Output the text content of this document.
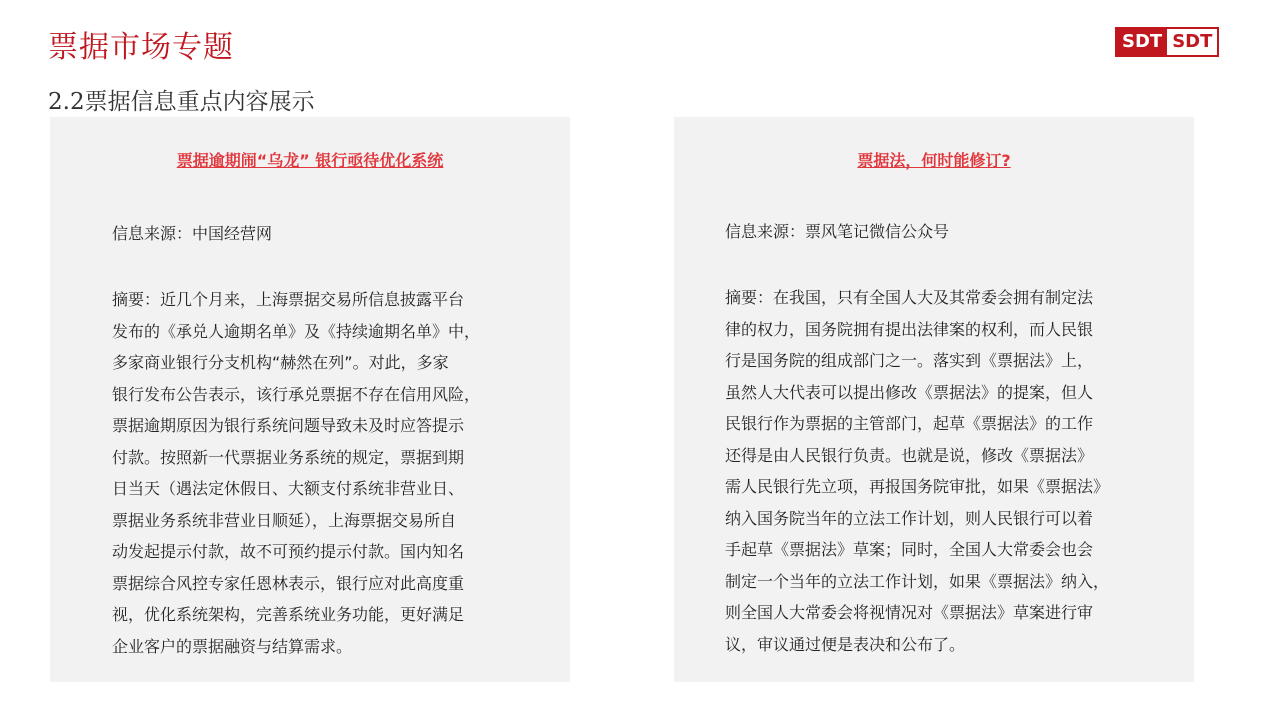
票据市场专题
2.2票据信息重点内容展示
SDT SDT
票据逾期闹“乌龙” 银行亟待优化系统
信息来源：中国经营网
摘要：近几个月来，上海票据交易所信息披露平台
发布的《承兑人逾期名单》及《持续逾期名单》中，
多家商业银行分支机构“赫然在列”。对此，多家
银行发布公告表示，该行承兑票据不存在信用风险，
票据逾期原因为银行系统问题导致未及时应答提示
付款。按照新一代票据业务系统的规定，票据到期
日当天（遇法定休假日、大额支付系统非营业日、
票据业务系统非营业日顺延），上海票据交易所自
动发起提示付款，故不可预约提示付款。国内知名
票据综合风控专家任恩林表示，银行应对此高度重
视，优化系统架构，完善系统业务功能，更好满足
企业客户的票据融资与结算需求。
票据法，何时能修订?
信息来源：票风笔记微信公众号
摘要：在我国，只有全国人大及其常委会拥有制定法
律的权力，国务院拥有提出法律案的权利，而人民银
行是国务院的组成部门之一。落实到《票据法》上，
虽然人大代表可以提出修改《票据法》的提案，但人
民银行作为票据的主管部门，起草《票据法》的工作
还得是由人民银行负责。也就是说，修改《票据法》
需人民银行先立项，再报国务院审批，如果《票据法》
纳入国务院当年的立法工作计划，则人民银行可以着
手起草《票据法》草案；同时，全国人大常委会也会
制定一个当年的立法工作计划，如果《票据法》纳入，
则全国人大常委会将视情况对《票据法》草案进行审
议，审议通过便是表决和公布了。
